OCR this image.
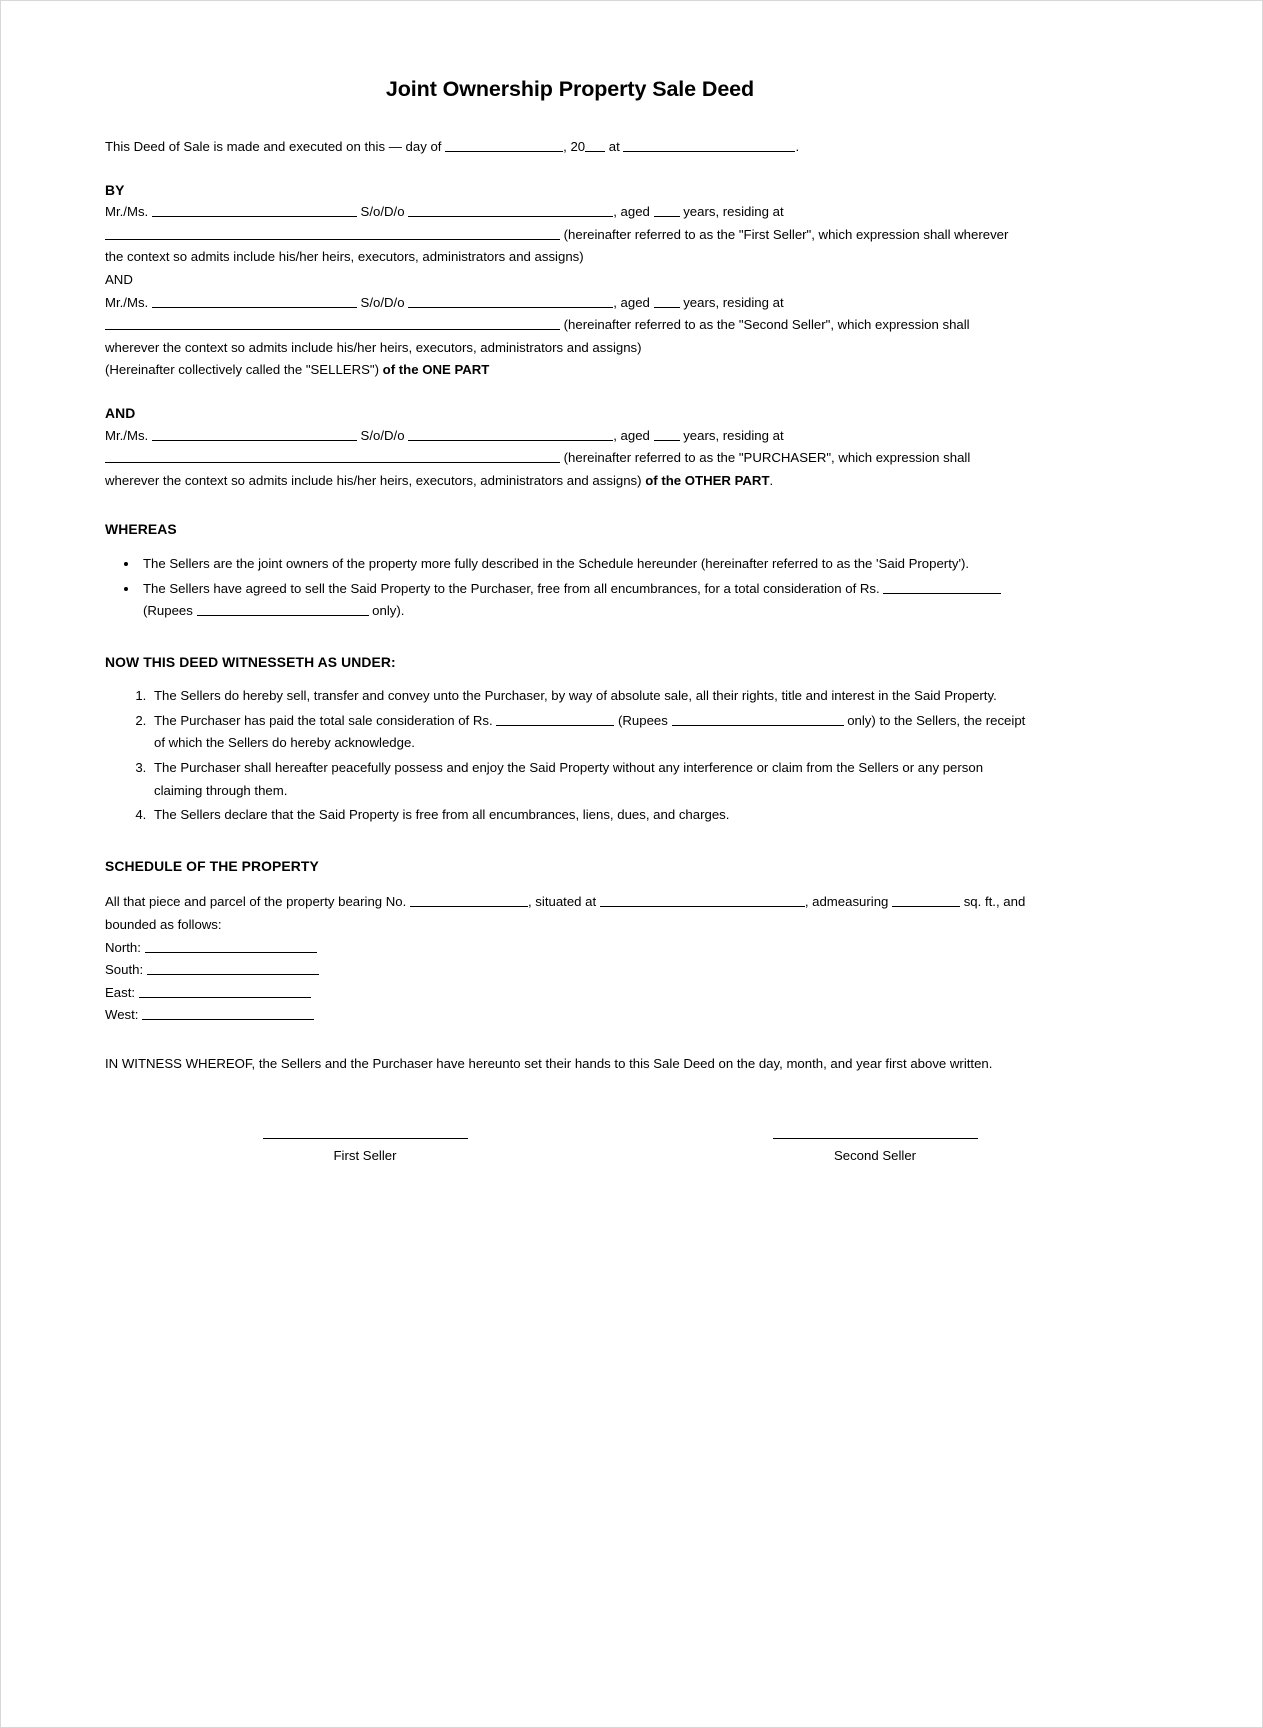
Joint Ownership Property Sale Deed

This Deed of Sale is made and executed on this — day of	, 20 at	.

BY
Mr./Ms.	S/o/D/o	, aged  years, residing at
(hereinafter referred to as the "First Seller", which expression shall wherever
the context so admits include his/her heirs, executors, administrators and assigns)
AND
Mr./Ms.	S/o/D/o	, aged  years, residing at
(hereinafter referred to as the "Second Seller", which expression shall
wherever the context so admits include his/her heirs, executors, administrators and assigns)
(Hereinafter collectively called the "SELLERS") of the ONE PART
AND
Mr./Ms.	S/o/D/o	, aged  years, residing at
(hereinafter referred to as the "PURCHASER", which expression shall
wherever the context so admits include his/her heirs, executors, administrators and assigns) of the OTHER PART.
WHEREAS
• The Sellers are the joint owners of the property more fully described in the Schedule hereunder (hereinafter referred to as the 'Said Property').
• The Sellers have agreed to sell the Said Property to the Purchaser, free from all encumbrances, for a total consideration of Rs.  (Rupees	only).
NOW THIS DEED WITNESSETH AS UNDER:
1. The Sellers do hereby sell, transfer and convey unto the Purchaser, by way of absolute sale, all their rights, title and interest in the Said Property.
2. The Purchaser has paid the total sale consideration of Rs.	(Rupees	only) to the Sellers, the receipt of which the Sellers do hereby acknowledge.
3. The Purchaser shall hereafter peacefully possess and enjoy the Said Property without any interference or claim from the Sellers or any person claiming through them.
4. The Sellers declare that the Said Property is free from all encumbrances, liens, dues, and charges.
SCHEDULE OF THE PROPERTY

All that piece and parcel of the property bearing No.	, situated at	, admeasuring	sq. ft., and bounded as follows:

North:
South:
East:
West:

IN WITNESS WHEREOF, the Sellers and the Purchaser have hereunto set their hands to this Sale Deed on the day, month, and year first above written.

First Seller	Second Seller
